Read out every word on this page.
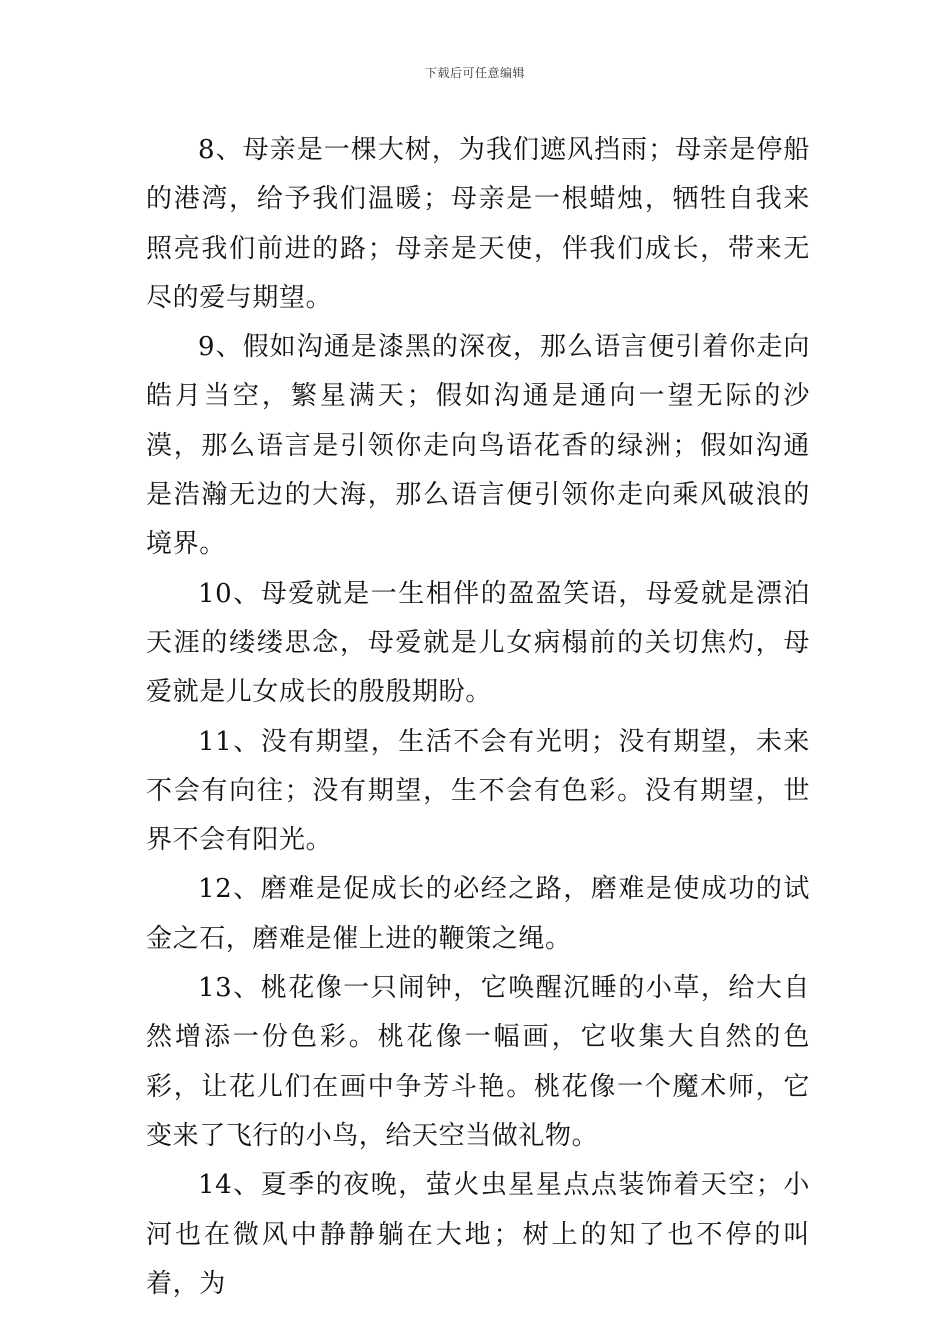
下载后可任意编辑

8、母亲是一棵大树，为我们遮风挡雨；母亲是停船的港湾，给予我们温暖；母亲是一根蜡烛，牺牲自我来照亮我们前进的路；母亲是天使，伴我们成长，带来无尽的爱与期望。

9、假如沟通是漆黑的深夜，那么语言便引着你走向皓月当空，繁星满天；假如沟通是通向一望无际的沙漠，那么语言是引领你走向鸟语花香的绿洲；假如沟通是浩瀚无边的大海，那么语言便引领你走向乘风破浪的境界。

10、母爱就是一生相伴的盈盈笑语，母爱就是漂泊天涯的缕缕思念，母爱就是儿女病榻前的关切焦灼，母爱就是儿女成长的殷殷期盼。

11、没有期望，生活不会有光明；没有期望，未来不会有向往；没有期望，生不会有色彩。没有期望，世界不会有阳光。

12、磨难是促成长的必经之路，磨难是使成功的试金之石，磨难是催上进的鞭策之绳。

13、桃花像一只闹钟，它唤醒沉睡的小草，给大自然增添一份色彩。桃花像一幅画，它收集大自然的色彩，让花儿们在画中争芳斗艳。桃花像一个魔术师，它变来了飞行的小鸟，给天空当做礼物。

14、夏季的夜晚，萤火虫星星点点装饰着天空；小河也在微风中静静躺在大地；树上的知了也不停的叫着，为
